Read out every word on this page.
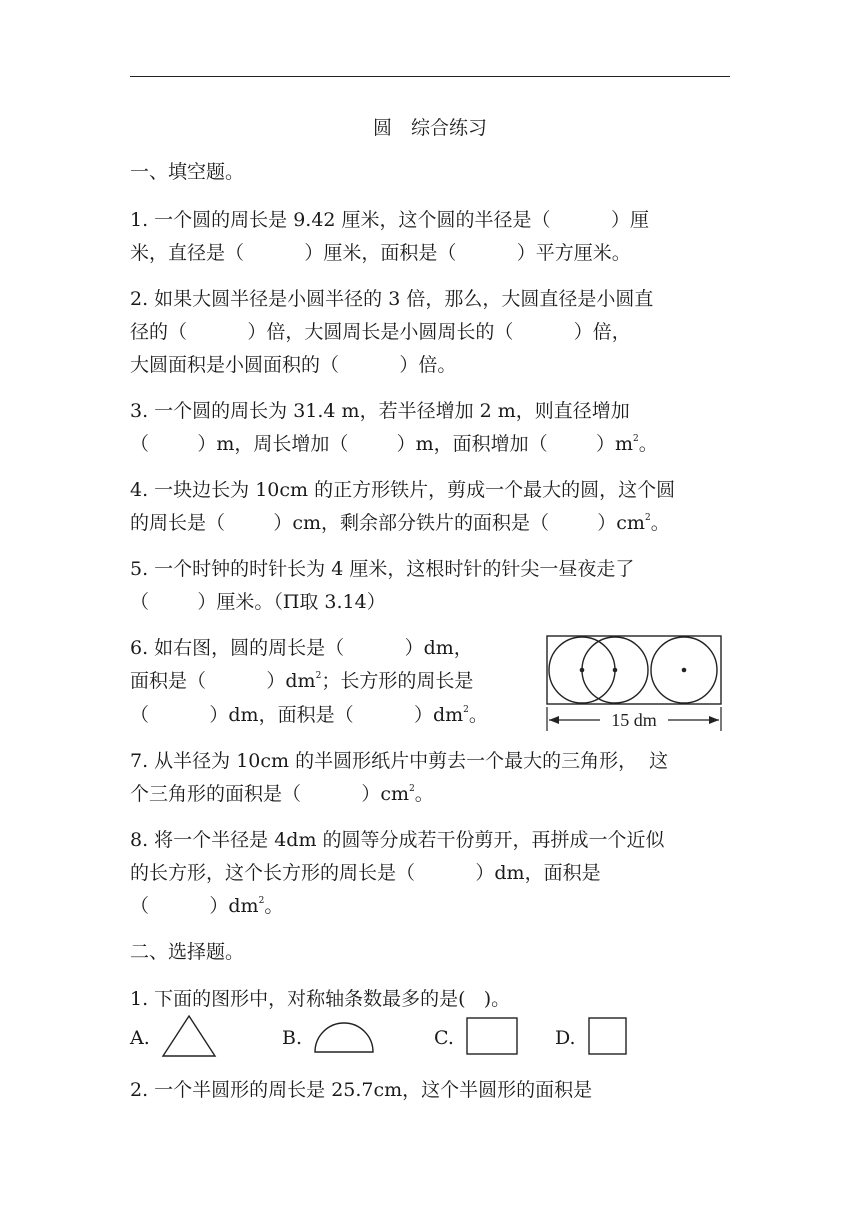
圆　综合练习
一、填空题。
1. 一个圆的周长是 9.42 厘米，这个圆的半径是（          ）厘
米，直径是（          ）厘米，面积是（          ）平方厘米。
2. 如果大圆半径是小圆半径的 3 倍，那么，大圆直径是小圆直
径的（          ）倍，大圆周长是小圆周长的（          ）倍，
大圆面积是小圆面积的（          ）倍。
3. 一个圆的周长为 31.4 m，若半径增加 2 m，则直径增加
（        ）m，周长增加（        ）m，面积增加（        ）$m^2$。
4. 一块边长为 10cm 的正方形铁片，剪成一个最大的圆，这个圆
的周长是（        ）cm，剩余部分铁片的面积是（        ）$cm^2$。
5. 一个时钟的时针长为 4 厘米，这根时针的针尖一昼夜走了
（        ）厘米。（Π取 3.14）
6. 如右图，圆的周长是（          ）dm，
面积是（          ）$dm^2$；长方形的周长是
（          ）dm，面积是（          ）$dm^2$。	15 dm
7. 从半径为 10cm 的半圆形纸片中剪去一个最大的三角形，  这
个三角形的面积是（          ）$cm^2$。
8. 将一个半径是 4dm 的圆等分成若干份剪开，再拼成一个近似
的长方形，这个长方形的周长是（          ）dm，面积是
（          ）$dm^2$。
二、选择题。
1. 下面的图形中，对称轴条数最多的是(   )。
A.	B.	C.	D.
2. 一个半圆形的周长是 25.7cm，这个半圆形的面积是
